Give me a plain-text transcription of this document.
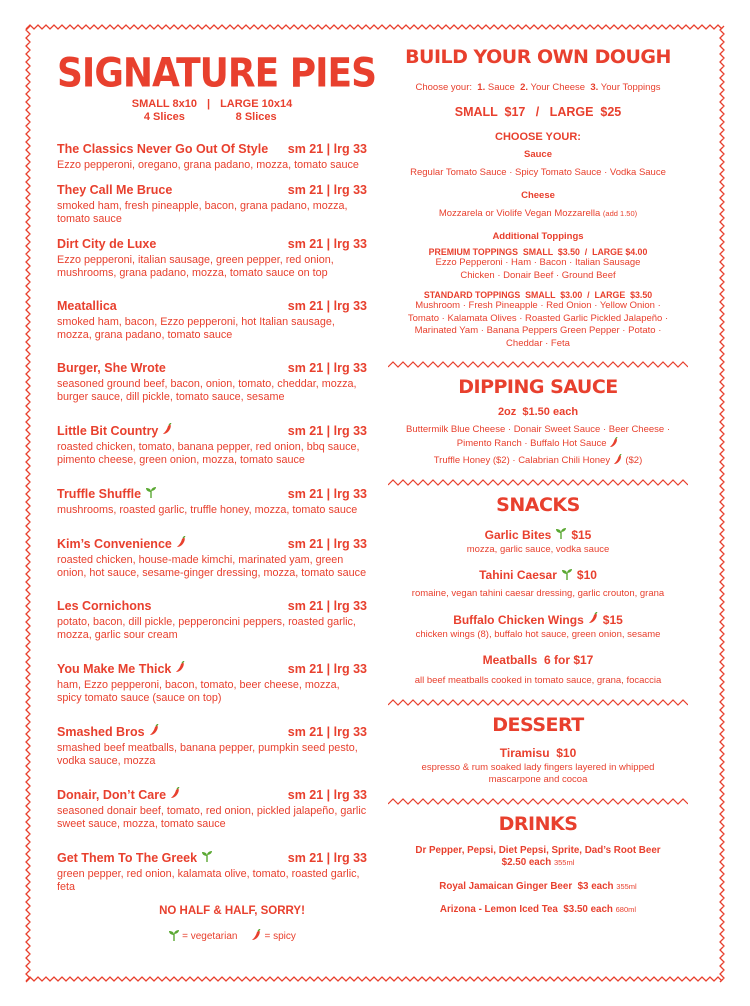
SIGNATURE PIES
SMALL 8x10
4 Slices
| LARGE 10x14
8 Slices
The Classics Never Go Out Of Style sm 21 | lrg 33
Ezzo pepperoni, oregano, grana padano, mozza, tomato sauce
They Call Me Bruce	sm 21 | lrg 33
smoked ham, fresh pineapple, bacon, grana padano, mozza, tomato sauce
Dirt City de Luxe	sm 21 | lrg 33
Ezzo pepperoni, italian sausage, green pepper, red onion, mushrooms, grana padano, mozza, tomato sauce on top
Meatallica	sm 21 | lrg 33
smoked ham, bacon, Ezzo pepperoni, hot Italian sausage, mozza, grana padano, tomato sauce
Burger, She Wrote	sm 21 | lrg 33
seasoned ground beef, bacon, onion, tomato, cheddar, mozza, burger sauce, dill pickle, tomato sauce, sesame
Little Bit Country	sm 21 | lrg 33
roasted chicken, tomato, banana pepper, red onion, bbq sauce, pimento cheese, green onion, mozza, tomato sauce
Truffle Shuffle	sm 21 | lrg 33
mushrooms, roasted garlic, truffle honey, mozza, tomato sauce
Kim’s Convenience	sm 21 | lrg 33
roasted chicken, house-made kimchi, marinated yam, green onion, hot sauce, sesame-ginger dressing, mozza, tomato sauce
Les Cornichons	sm 21 | lrg 33
potato, bacon, dill pickle, pepperoncini peppers, roasted garlic, mozza, garlic sour cream
You Make Me Thick	sm 21 | lrg 33
ham, Ezzo pepperoni, bacon, tomato, beer cheese, mozza, spicy tomato sauce (sauce on top)
Smashed Bros	sm 21 | lrg 33
smashed beef meatballs, banana pepper, pumpkin seed pesto, vodka sauce, mozza
Donair, Don’t Care	sm 21 | lrg 33
seasoned donair beef, tomato, red onion, pickled jalapeño, garlic sweet sauce, mozza, tomato sauce
Get Them To The Greek	sm 21 | lrg 33
green pepper, red onion, kalamata olive, tomato, roasted garlic, feta
NO HALF & HALF, SORRY!
= vegetarian	= spicy
BUILD YOUR OWN DOUGH
Choose your: 1. Sauce 2. Your Cheese 3. Your Toppings
SMALL  $17   /   LARGE  $25
CHOOSE YOUR:
Sauce
Regular Tomato Sauce · Spicy Tomato Sauce · Vodka Sauce
Cheese
Mozzarela or Violife Vegan Mozzarella (add 1.50)
Additional Toppings
PREMIUM TOPPINGS  SMALL  $3.50  /  LARGE $4.00
Ezzo Pepperoni · Ham · Bacon · Italian Sausage Chicken · Donair Beef · Ground Beef
STANDARD TOPPINGS  SMALL  $3.00  /  LARGE  $3.50
Mushroom · Fresh Pineapple · Red Onion · Yellow Onion · Tomato · Kalamata Olives · Roasted Garlic Pickled Jalapeño · Marinated Yam · Banana Peppers Green Pepper · Potato · Cheddar · Feta
DIPPING SAUCE
2oz  $1.50 each
Buttermilk Blue Cheese · Donair Sweet Sauce · Beer Cheese · Pimento Ranch · Buffalo Hot Sauce
Truffle Honey ($2) · Calabrian Chili Honey ($2)
SNACKS
Garlic Bites $15
mozza, garlic sauce, vodka sauce
Tahini Caesar $10
romaine, vegan tahini caesar dressing, garlic crouton, grana
Buffalo Chicken Wings $15
chicken wings (8), buffalo hot sauce, green onion, sesame
Meatballs  6 for $17
all beef meatballs cooked in tomato sauce, grana, focaccia
DESSERT
Tiramisu  $10
espresso & rum soaked lady fingers layered in whipped mascarpone and cocoa
DRINKS
Dr Pepper, Pepsi, Diet Pepsi, Sprite, Dad’s Root Beer
$2.50 each 355ml
Royal Jamaican Ginger Beer $3 each 355ml
Arizona - Lemon Iced Tea $3.50 each 680ml
